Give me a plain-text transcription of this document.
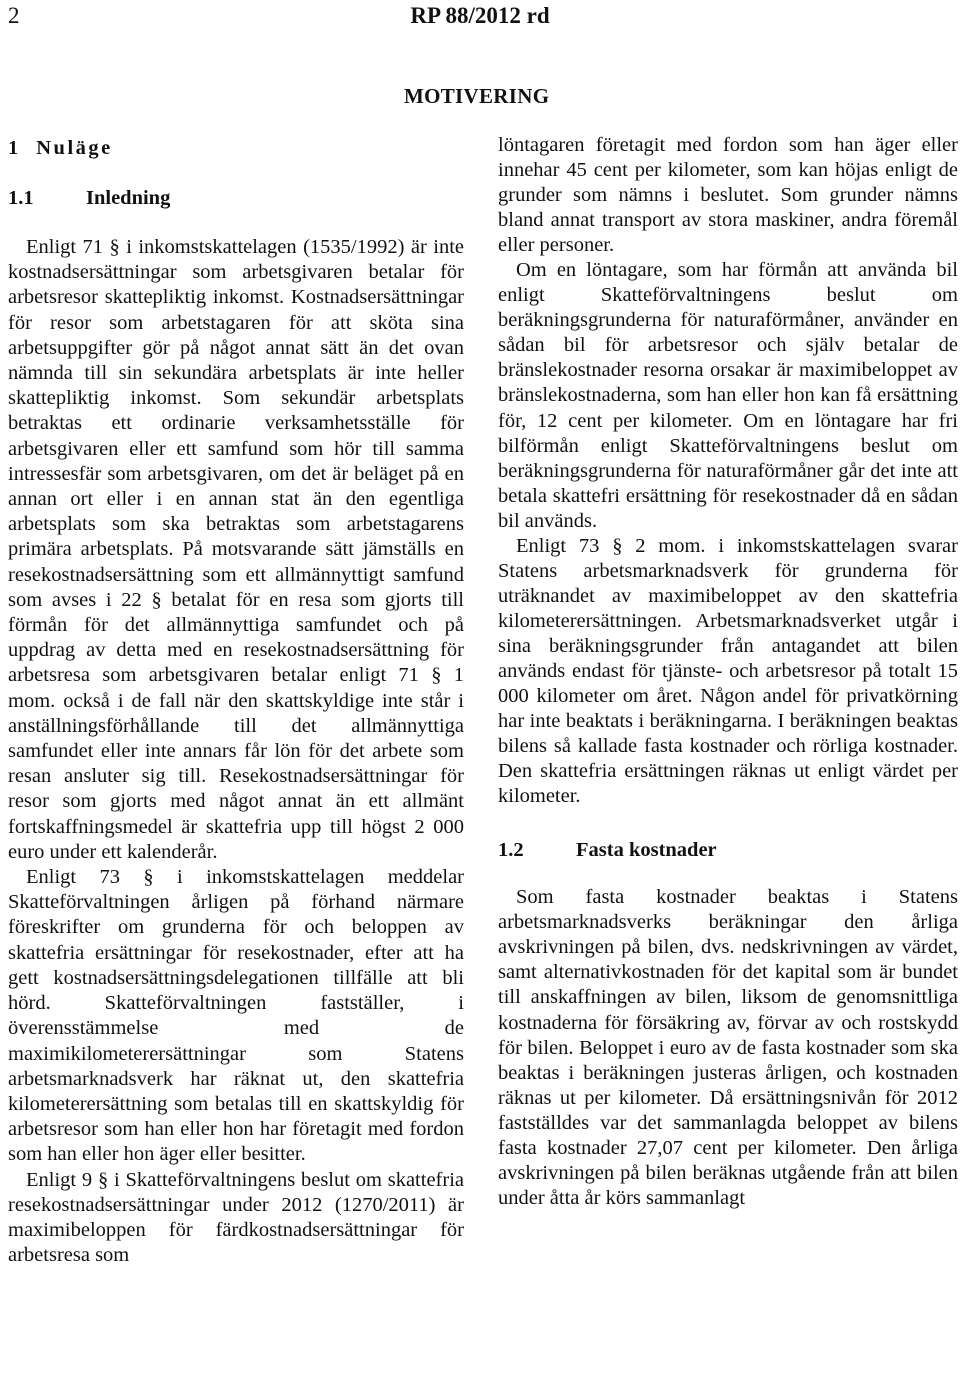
2	RP 88/2012 rd
MOTIVERING
1 Nuläge
1.1	Inledning

Enligt 71 § i inkomstskattelagen (1535/1992) är inte kostnadsersättningar som arbetsgivaren betalar för arbetsresor skattepliktig inkomst. Kostnadsersättningar för resor som arbetstagaren för att sköta sina arbetsuppgifter gör på något annat sätt än det ovan nämnda till sin sekundära arbetsplats är inte heller skattepliktig inkomst. Som sekundär arbetsplats betraktas ett ordinarie verksamhetsställe för arbetsgivaren eller ett samfund som hör till samma intressesfär som arbetsgivaren, om det är beläget på en annan ort eller i en annan stat än den egentliga arbetsplats som ska betraktas som arbetstagarens primära arbetsplats. På motsvarande sätt jämställs en resekostnadsersättning som ett allmännyttigt samfund som avses i 22 § betalat för en resa som gjorts till förmån för det allmännyttiga samfundet och på uppdrag av detta med en resekostnadsersättning för arbetsresa som arbetsgivaren betalar enligt 71 § 1 mom. också i de fall när den skattskyldige inte står i anställningsförhållande till det allmännyttiga samfundet eller inte annars får lön för det arbete som resan ansluter sig till. Resekostnadsersättningar för resor som gjorts med något annat än ett allmänt fortskaffningsmedel är skattefria upp till högst 2 000 euro under ett kalenderår.

Enligt 73 § i inkomstskattelagen meddelar Skatteförvaltningen årligen på förhand närmare föreskrifter om grunderna för och beloppen av skattefria ersättningar för resekostnader, efter att ha gett kostnadsersättningsdelegationen tillfälle att bli hörd. Skatteförvaltningen fastställer, i överensstämmelse med de maximikilometerersättningar som Statens arbetsmarknadsverk har räknat ut, den skattefria kilometerersättning som betalas till en skattskyldig för arbetsresor som han eller hon har företagit med fordon som han eller hon äger eller besitter.

Enligt 9 § i Skatteförvaltningens beslut om skattefria resekostnadsersättningar under 2012 (1270/2011) är maximibeloppen för färdkostnadsersättningar för arbetsresa som

löntagaren företagit med fordon som han äger eller innehar 45 cent per kilometer, som kan höjas enligt de grunder som nämns i beslutet. Som grunder nämns bland annat transport av stora maskiner, andra föremål eller personer.

Om en löntagare, som har förmån att använda bil enligt Skatteförvaltningens beslut om beräkningsgrunderna för naturaförmåner, använder en sådan bil för arbetsresor och själv betalar de bränslekostnader resorna orsakar är maximibeloppet av bränslekostnaderna, som han eller hon kan få ersättning för, 12 cent per kilometer. Om en löntagare har fri bilförmån enligt Skatteförvaltningens beslut om beräkningsgrunderna för naturaförmåner går det inte att betala skattefri ersättning för resekostnader då en sådan bil används.

Enligt 73 § 2 mom. i inkomstskattelagen svarar Statens arbetsmarknadsverk för grunderna för uträknandet av maximibeloppet av den skattefria kilometerersättningen. Arbetsmarknadsverket utgår i sina beräkningsgrunder från antagandet att bilen används endast för tjänste- och arbetsresor på totalt 15 000 kilometer om året. Någon andel för privatkörning har inte beaktats i beräkningarna. I beräkningen beaktas bilens så kallade fasta kostnader och rörliga kostnader. Den skattefria ersättningen räknas ut enligt värdet per kilometer.

1.2	Fasta kostnader

Som fasta kostnader beaktas i Statens arbetsmarknadsverks beräkningar den årliga avskrivningen på bilen, dvs. nedskrivningen av värdet, samt alternativkostnaden för det kapital som är bundet till anskaffningen av bilen, liksom de genomsnittliga kostnaderna för försäkring av, förvar av och rostskydd för bilen. Beloppet i euro av de fasta kostnader som ska beaktas i beräkningen justeras årligen, och kostnaden räknas ut per kilometer. Då ersättningsnivån för 2012 fastställdes var det sammanlagda beloppet av bilens fasta kostnader 27,07 cent per kilometer. Den årliga avskrivningen på bilen beräknas utgående från att bilen under åtta år körs sammanlagt
